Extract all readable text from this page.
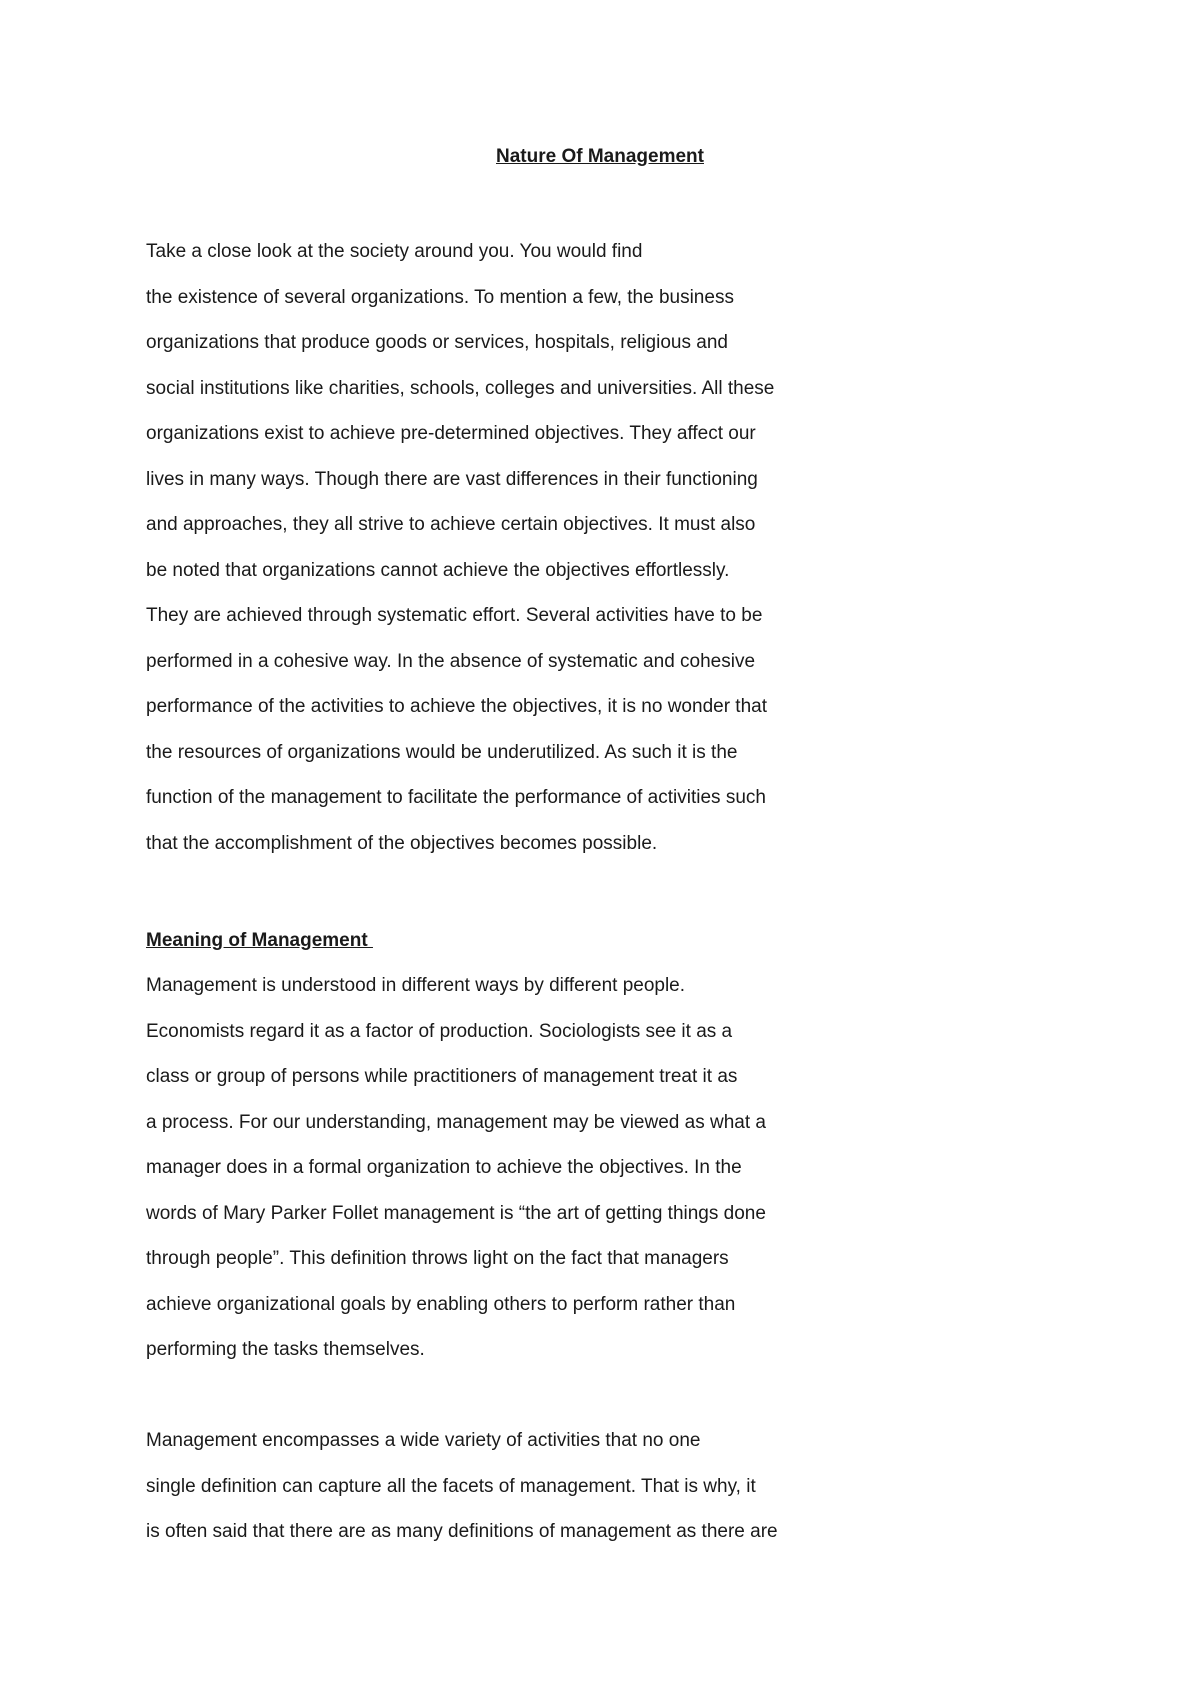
Nature Of Management
Take a close look at the society around you. You would find
the existence of several organizations. To mention a few, the business
organizations that produce goods or services, hospitals, religious and
social institutions like charities, schools, colleges and universities. All these
organizations exist to achieve pre-determined objectives. They affect our
lives in many ways. Though there are vast differences in their functioning
and approaches, they all strive to achieve certain objectives. It must also
be noted that organizations cannot achieve the objectives effortlessly.
They are achieved through systematic effort. Several activities have to be
performed in a cohesive way. In the absence of systematic and cohesive
performance of the activities to achieve the objectives, it is no wonder that
the resources of organizations would be underutilized. As such it is the
function of the management to facilitate the performance of activities such
that the accomplishment of the objectives becomes possible.
Meaning of Management
Management is understood in different ways by different people.
Economists regard it as a factor of production. Sociologists see it as a
class or group of persons while practitioners of management treat it as
a process. For our understanding, management may be viewed as what a
manager does in a formal organization to achieve the objectives. In the
words of Mary Parker Follet management is “the art of getting things done
through people”. This definition throws light on the fact that managers
achieve organizational goals by enabling others to perform rather than
performing the tasks themselves.
Management encompasses a wide variety of activities that no one
single definition can capture all the facets of management. That is why, it
is often said that there are as many definitions of management as there are
